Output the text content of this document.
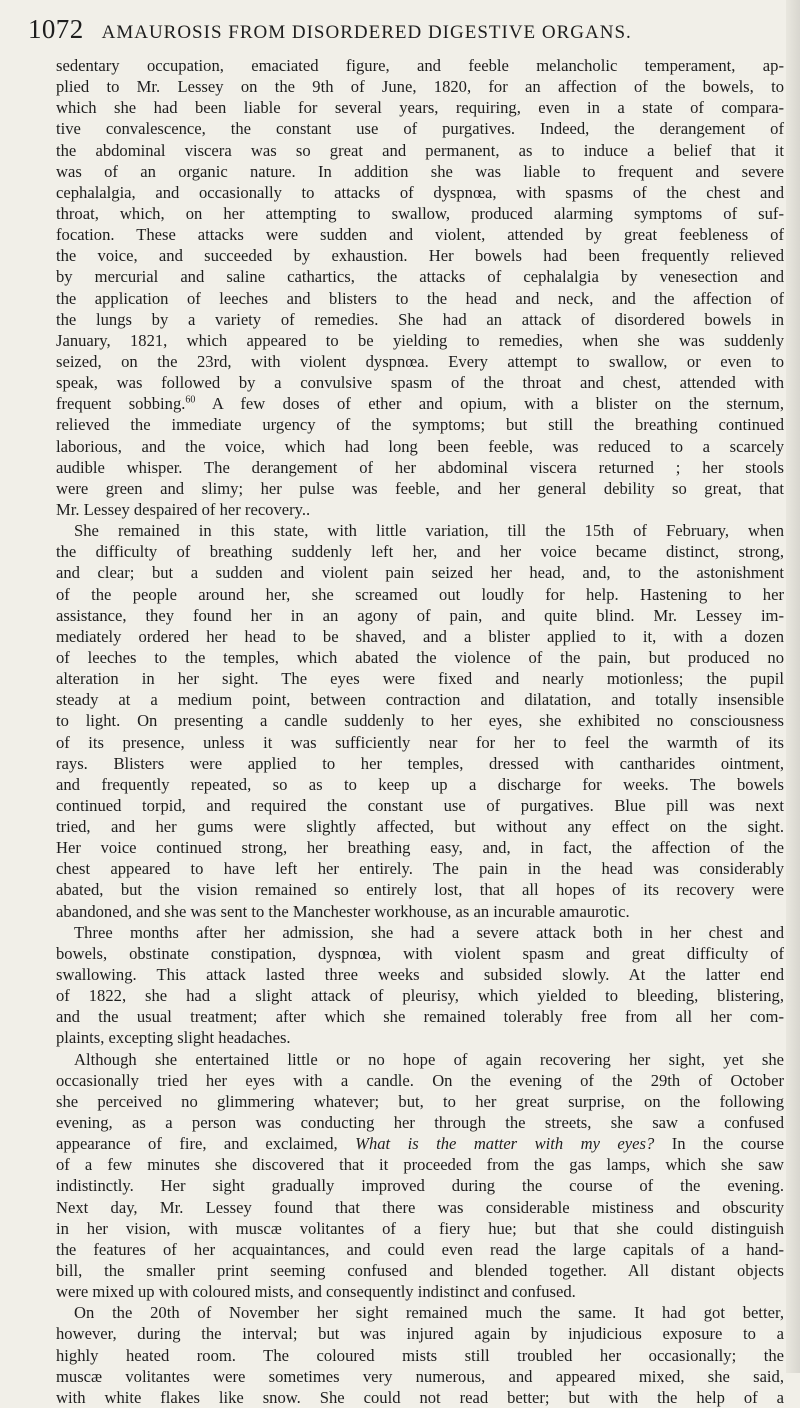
1072 AMAUROSIS FROM DISORDERED DIGESTIVE ORGANS.
sedentary occupation, emaciated figure, and feeble melancholic temperament, ap-
plied to Mr. Lessey on the 9th of June, 1820, for an affection of the bowels, to
which she had been liable for several years, requiring, even in a state of compara-
tive convalescence, the constant use of purgatives. Indeed, the derangement of
the abdominal viscera was so great and permanent, as to induce a belief that it
was of an organic nature. In addition she was liable to frequent and severe
cephalalgia, and occasionally to attacks of dyspnœa, with spasms of the chest and
throat, which, on her attempting to swallow, produced alarming symptoms of suf-
focation. These attacks were sudden and violent, attended by great feebleness of
the voice, and succeeded by exhaustion. Her bowels had been frequently relieved
by mercurial and saline cathartics, the attacks of cephalalgia by venesection and
the application of leeches and blisters to the head and neck, and the affection of
the lungs by a variety of remedies. She had an attack of disordered bowels in
January, 1821, which appeared to be yielding to remedies, when she was suddenly
seized, on the 23rd, with violent dyspnœa. Every attempt to swallow, or even to
speak, was followed by a convulsive spasm of the throat and chest, attended with
frequent sobbing.$^{60}$ A few doses of ether and opium, with a blister on the sternum,
relieved the immediate urgency of the symptoms; but still the breathing continued
laborious, and the voice, which had long been feeble, was reduced to a scarcely
audible whisper. The derangement of her abdominal viscera returned ; her stools
were green and slimy; her pulse was feeble, and her general debility so great, that
Mr. Lessey despaired of her recovery..
She remained in this state, with little variation, till the 15th of February, when
the difficulty of breathing suddenly left her, and her voice became distinct, strong,
and clear; but a sudden and violent pain seized her head, and, to the astonishment
of the people around her, she screamed out loudly for help. Hastening to her
assistance, they found her in an agony of pain, and quite blind. Mr. Lessey im-
mediately ordered her head to be shaved, and a blister applied to it, with a dozen
of leeches to the temples, which abated the violence of the pain, but produced no
alteration in her sight. The eyes were fixed and nearly motionless; the pupil
steady at a medium point, between contraction and dilatation, and totally insensible
to light. On presenting a candle suddenly to her eyes, she exhibited no consciousness
of its presence, unless it was sufficiently near for her to feel the warmth of its
rays. Blisters were applied to her temples, dressed with cantharides ointment,
and frequently repeated, so as to keep up a discharge for weeks. The bowels
continued torpid, and required the constant use of purgatives. Blue pill was next
tried, and her gums were slightly affected, but without any effect on the sight.
Her voice continued strong, her breathing easy, and, in fact, the affection of the
chest appeared to have left her entirely. The pain in the head was considerably
abated, but the vision remained so entirely lost, that all hopes of its recovery were
abandoned, and she was sent to the Manchester workhouse, as an incurable amaurotic.
Three months after her admission, she had a severe attack both in her chest and
bowels, obstinate constipation, dyspnœa, with violent spasm and great difficulty of
swallowing. This attack lasted three weeks and subsided slowly. At the latter end
of 1822, she had a slight attack of pleurisy, which yielded to bleeding, blistering,
and the usual treatment; after which she remained tolerably free from all her com-
plaints, excepting slight headaches.
Although she entertained little or no hope of again recovering her sight, yet she
occasionally tried her eyes with a candle. On the evening of the 29th of October
she perceived no glimmering whatever; but, to her great surprise, on the following
evening, as a person was conducting her through the streets, she saw a confused
appearance of fire, and exclaimed, What is the matter with my eyes? In the course
of a few minutes she discovered that it proceeded from the gas lamps, which she saw
indistinctly. Her sight gradually improved during the course of the evening.
Next day, Mr. Lessey found that there was considerable mistiness and obscurity
in her vision, with muscæ volitantes of a fiery hue; but that she could distinguish
the features of her acquaintances, and could even read the large capitals of a hand-
bill, the smaller print seeming confused and blended together. All distant objects
were mixed up with coloured mists, and consequently indistinct and confused.
On the 20th of November her sight remained much the same. It had got better,
however, during the interval; but was injured again by injudicious exposure to a
highly heated room. The coloured mists still troubled her occasionally; the
muscæ volitantes were sometimes very numerous, and appeared mixed, she said,
with white flakes like snow. She could not read better; but with the help of a
